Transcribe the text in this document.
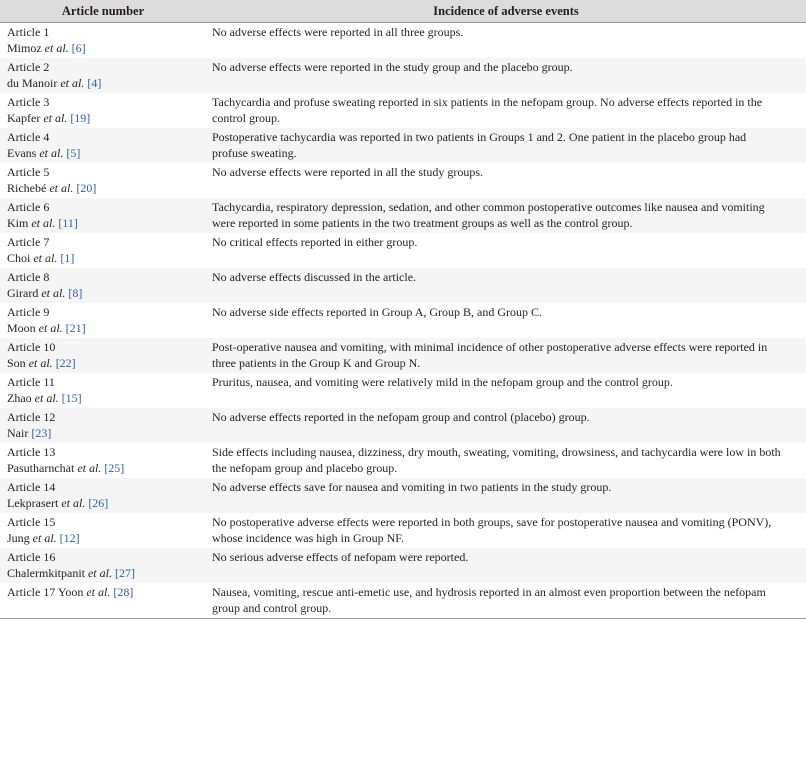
Article number	Incidence of adverse events

Article 1
Mimoz et al. [6]	No adverse effects were reported in all three groups.

Article 2
du Manoir et al. [4]	No adverse effects were reported in the study group and the placebo group.

Article 3
Kapfer et al. [19]	Tachycardia and profuse sweating reported in six patients in the nefopam group. No adverse effects reported in the control group.

Article 4
Evans et al. [5]	Postoperative tachycardia was reported in two patients in Groups 1 and 2. One patient in the placebo group had profuse sweating.

Article 5
Richebé et al. [20]	No adverse effects were reported in all the study groups.

Article 6
Kim et al. [11]	Tachycardia, respiratory depression, sedation, and other common postoperative outcomes like nausea and vomiting were reported in some patients in the two treatment groups as well as the control group.

Article 7
Choi et al. [1]	No critical effects reported in either group.

Article 8
Girard et al. [8]	No adverse effects discussed in the article.

Article 9
Moon et al. [21]	No adverse side effects reported in Group A, Group B, and Group C.

Article 10
Son et al. [22]	Post-operative nausea and vomiting, with minimal incidence of other postoperative adverse effects were reported in three patients in the Group K and Group N.

Article 11
Zhao et al. [15]	Pruritus, nausea, and vomiting were relatively mild in the nefopam group and the control group.

Article 12
Nair [23]	No adverse effects reported in the nefopam group and control (placebo) group.

Article 13
Pasutharnchat et al. [25]	Side effects including nausea, dizziness, dry mouth, sweating, vomiting, drowsiness, and tachycardia were low in both the nefopam group and placebo group.

Article 14
Lekprasert et al. [26]	No adverse effects save for nausea and vomiting in two patients in the study group.

Article 15
Jung et al. [12]	No postoperative adverse effects were reported in both groups, save for postoperative nausea and vomiting (PONV), whose incidence was high in Group NF.

Article 16
Chalermkitpanit et al. [27]	No serious adverse effects of nefopam were reported.
Article 17 Yoon et al. [28]	Nausea, vomiting, rescue anti-emetic use, and hydrosis reported in an almost even proportion between the nefopam group and control group.
